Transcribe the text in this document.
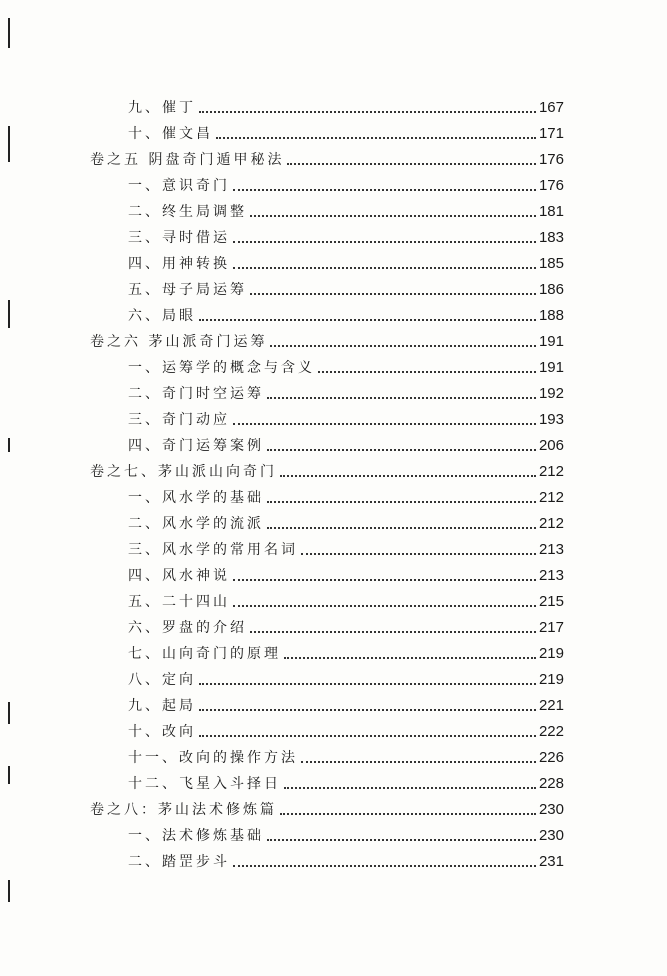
九、催丁	167
十、催文昌	171
卷之五 阴盘奇门遁甲秘法	176
一、意识奇门	176
二、终生局调整	181
三、寻时借运	183
四、用神转换	185
五、母子局运筹	186
六、局眼	188
卷之六 茅山派奇门运筹	191
一、运筹学的概念与含义	191
二、奇门时空运筹	192
三、奇门动应	193
四、奇门运筹案例	206
卷之七、茅山派山向奇门	212
一、风水学的基础	212
二、风水学的流派	212
三、风水学的常用名词	213
四、风水神说	213
五、二十四山	215
六、罗盘的介绍	217
七、山向奇门的原理	219
八、定向	219
九、起局	221
十、改向	222
十一、改向的操作方法	226
十二、飞星入斗择日	228
卷之八：茅山法术修炼篇	230
一、法术修炼基础	230
二、踏罡步斗	231
